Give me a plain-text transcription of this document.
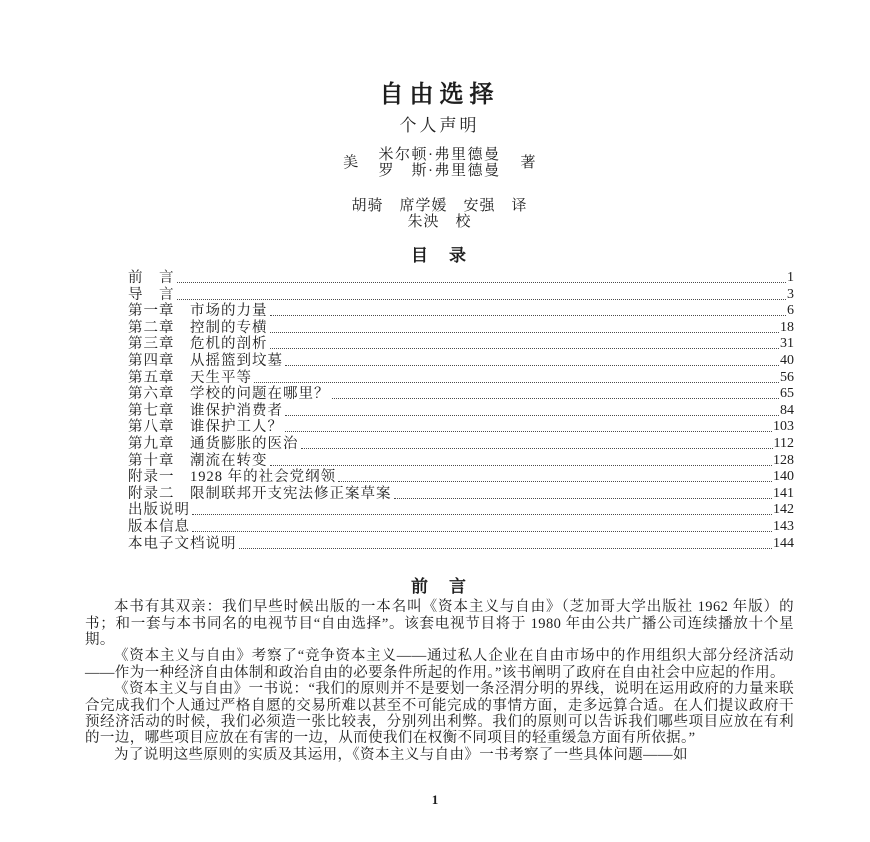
自由选择
个人声明
美 米尔顿·弗里德曼
罗　斯·弗里德曼 著
胡骑　席学媛　安强　译
朱泱　校
目　录
前　言	1
导　言	3
第一章　市场的力量	6
第二章　控制的专横	18
第三章　危机的剖析	31
第四章　从摇篮到坟墓	40
第五章　天生平等	56
第六章　学校的问题在哪里？	65
第七章　谁保护消费者	84
第八章　谁保护工人？	103
第九章　通货膨胀的医治	112
第十章　潮流在转变	128
附录一　1928 年的社会党纲领	140
附录二　限制联邦开支宪法修正案草案	141
出版说明	142
版本信息	143
本电子文档说明	144
前　言

本书有其双亲：我们早些时候出版的一本名叫《资本主义与自由》（芝加哥大学出版社 1962 年版）的书；和一套与本书同名的电视节目“自由选择”。该套电视节目将于 1980 年由公共广播公司连续播放十个星期。

《资本主义与自由》考察了“竞争资本主义——通过私人企业在自由市场中的作用组织大部分经济活动——作为一种经济自由体制和政治自由的必要条件所起的作用。”该书阐明了政府在自由社会中应起的作用。

《资本主义与自由》一书说：“我们的原则并不是要划一条泾渭分明的界线，说明在运用政府的力量来联合完成我们个人通过严格自愿的交易所难以甚至不可能完成的事情方面，走多远算合适。在人们提议政府干预经济活动的时候，我们必须造一张比较表，分别列出利弊。我们的原则可以告诉我们哪些项目应放在有利的一边，哪些项目应放在有害的一边，从而使我们在权衡不同项目的轻重缓急方面有所依据。”

为了说明这些原则的实质及其运用，《资本主义与自由》一书考察了一些具体问题——如

1
